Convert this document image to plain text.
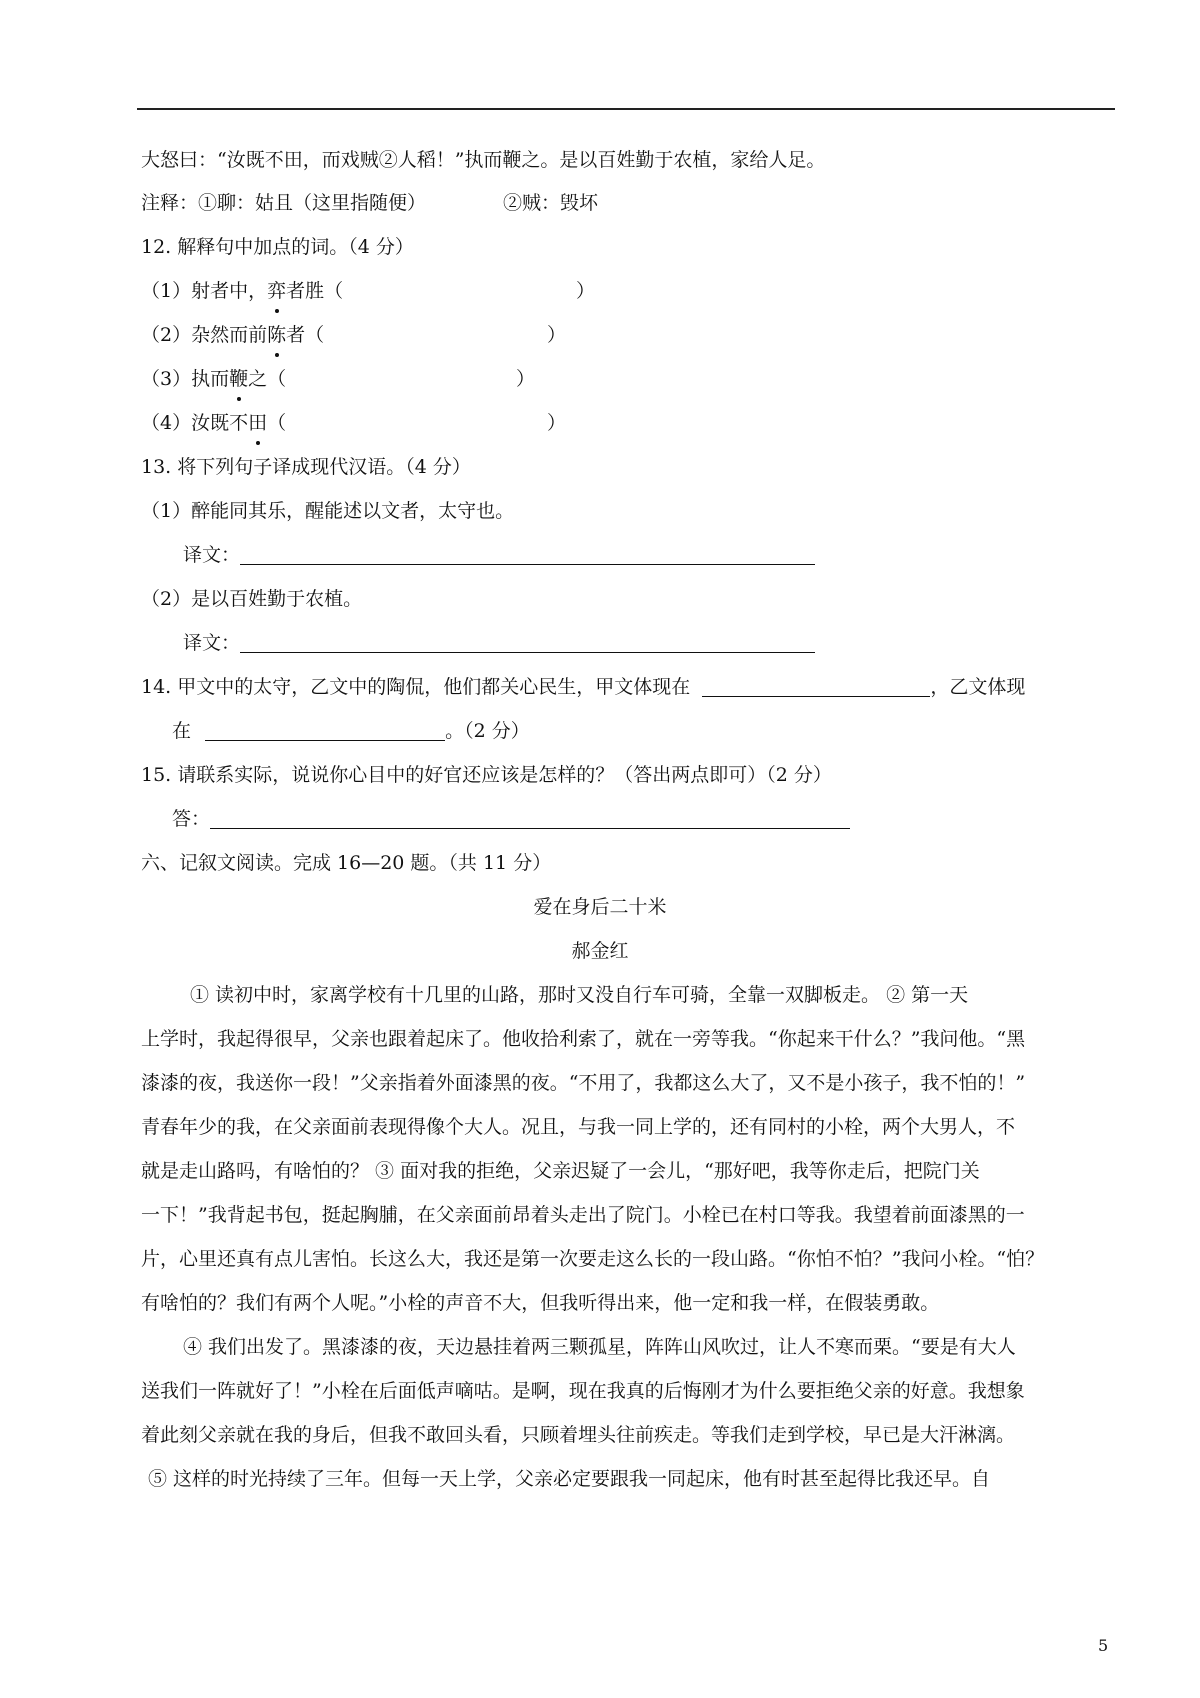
大怒曰：“汝既不田，而戏贼②人稻！”执而鞭之。是以百姓勤于农植，家给人足。
注释：①聊：姑且（这里指随便）	②贼：毁坏
12. 解释句中加点的词。（4 分）
（1）射者中，弈者胜（	）
（2）杂然而前陈者（	）
（3）执而鞭之（	）
（4）汝既不田（	）
13. 将下列句子译成现代汉语。（4 分）
（1）醉能同其乐，醒能述以文者，太守也。
译文：
（2）是以百姓勤于农植。
译文：
14. 甲文中的太守，乙文中的陶侃，他们都关心民生，甲文体现在	，乙文体现
在	。（2 分）
15. 请联系实际，说说你心目中的好官还应该是怎样的？（答出两点即可）（2 分）
答：
六、记叙文阅读。完成 16—20 题。（共 11 分）
爱在身后二十米
郝金红
① 读初中时，家离学校有十几里的山路，那时又没自行车可骑，全靠一双脚板走。 ② 第一天
上学时，我起得很早，父亲也跟着起床了。他收拾利索了，就在一旁等我。“你起来干什么？”我问他。“黑
漆漆的夜，我送你一段！”父亲指着外面漆黑的夜。“不用了，我都这么大了，又不是小孩子，我不怕的！”
青春年少的我，在父亲面前表现得像个大人。况且，与我一同上学的，还有同村的小栓，两个大男人，不
就是走山路吗，有啥怕的？ ③ 面对我的拒绝，父亲迟疑了一会儿，“那好吧，我等你走后，把院门关
一下！”我背起书包，挺起胸脯，在父亲面前昂着头走出了院门。小栓已在村口等我。我望着前面漆黑的一
片，心里还真有点儿害怕。长这么大，我还是第一次要走这么长的一段山路。“你怕不怕？”我问小栓。“怕？
有啥怕的？我们有两个人呢。”小栓的声音不大，但我听得出来，他一定和我一样，在假装勇敢。
④ 我们出发了。黑漆漆的夜，天边悬挂着两三颗孤星，阵阵山风吹过，让人不寒而栗。“要是有大人
送我们一阵就好了！”小栓在后面低声嘀咕。是啊，现在我真的后悔刚才为什么要拒绝父亲的好意。我想象
着此刻父亲就在我的身后，但我不敢回头看，只顾着埋头往前疾走。等我们走到学校，早已是大汗淋漓。
⑤ 这样的时光持续了三年。但每一天上学，父亲必定要跟我一同起床，他有时甚至起得比我还早。自
5
